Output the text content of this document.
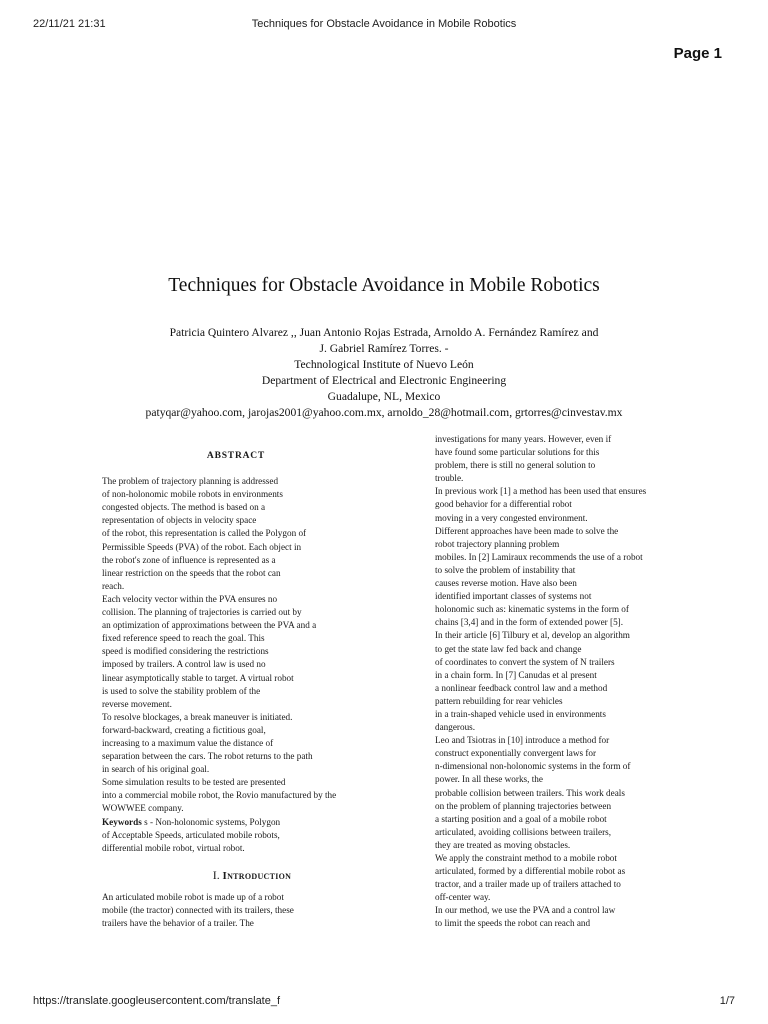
22/11/21 21:31	Techniques for Obstacle Avoidance in Mobile Robotics
Page 1
Techniques for Obstacle Avoidance in Mobile Robotics
Patricia Quintero Alvarez ,, Juan Antonio Rojas Estrada, Arnoldo A. Fernández Ramírez and
J. Gabriel Ramírez Torres. -
Technological Institute of Nuevo León
Department of Electrical and Electronic Engineering
Guadalupe, NL, Mexico
patyqar@yahoo.com, jarojas2001@yahoo.com.mx, arnoldo_28@hotmail.com, grtorres@cinvestav.mx
ABSTRACT
The problem of trajectory planning is addressed
of non-holonomic mobile robots in environments
congested objects. The method is based on a
representation of objects in velocity space
of the robot, this representation is called the Polygon of
Permissible Speeds (PVA) of the robot. Each object in
the robot's zone of influence is represented as a
linear restriction on the speeds that the robot can
reach.
Each velocity vector within the PVA ensures no
collision. The planning of trajectories is carried out by
an optimization of approximations between the PVA and a
fixed reference speed to reach the goal. This
speed is modified considering the restrictions
imposed by trailers. A control law is used no
linear asymptotically stable to target. A virtual robot
is used to solve the stability problem of the
reverse movement.
To resolve blockages, a break maneuver is initiated.
forward-backward, creating a fictitious goal,
increasing to a maximum value the distance of
separation between the cars. The robot returns to the path
in search of his original goal.
Some simulation results to be tested are presented
into a commercial mobile robot, the Rovio manufactured by the
WOWWEE company.
Keywords s - Non-holonomic systems, Polygon
of Acceptable Speeds, articulated mobile robots,
differential mobile robot, virtual robot.
I. Introduction
An articulated mobile robot is made up of a robot
mobile (the tractor) connected with its trailers, these
trailers have the behavior of a trailer. The
investigations for many years. However, even if
have found some particular solutions for this
problem, there is still no general solution to
trouble.
In previous work [1] a method has been used that ensures
good behavior for a differential robot
moving in a very congested environment.
Different approaches have been made to solve the
robot trajectory planning problem
mobiles. In [2] Lamiraux recommends the use of a robot
to solve the problem of instability that
causes reverse motion. Have also been
identified important classes of systems not
holonomic such as: kinematic systems in the form of
chains [3,4] and in the form of extended power [5].
In their article [6] Tilbury et al, develop an algorithm
to get the state law fed back and change
of coordinates to convert the system of N trailers
in a chain form. In [7] Canudas et al present
a nonlinear feedback control law and a method
pattern rebuilding for rear vehicles
in a train-shaped vehicle used in environments
dangerous.
Leo and Tsiotras in [10] introduce a method for
construct exponentially convergent laws for
n-dimensional non-holonomic systems in the form of
power. In all these works, the
probable collision between trailers. This work deals
on the problem of planning trajectories between
a starting position and a goal of a mobile robot
articulated, avoiding collisions between trailers,
they are treated as moving obstacles.
We apply the constraint method to a mobile robot
articulated, formed by a differential mobile robot as
tractor, and a trailer made up of trailers attached to
off-center way.
In our method, we use the PVA and a control law
to limit the speeds the robot can reach and
https://translate.googleusercontent.com/translate_f	1/7
